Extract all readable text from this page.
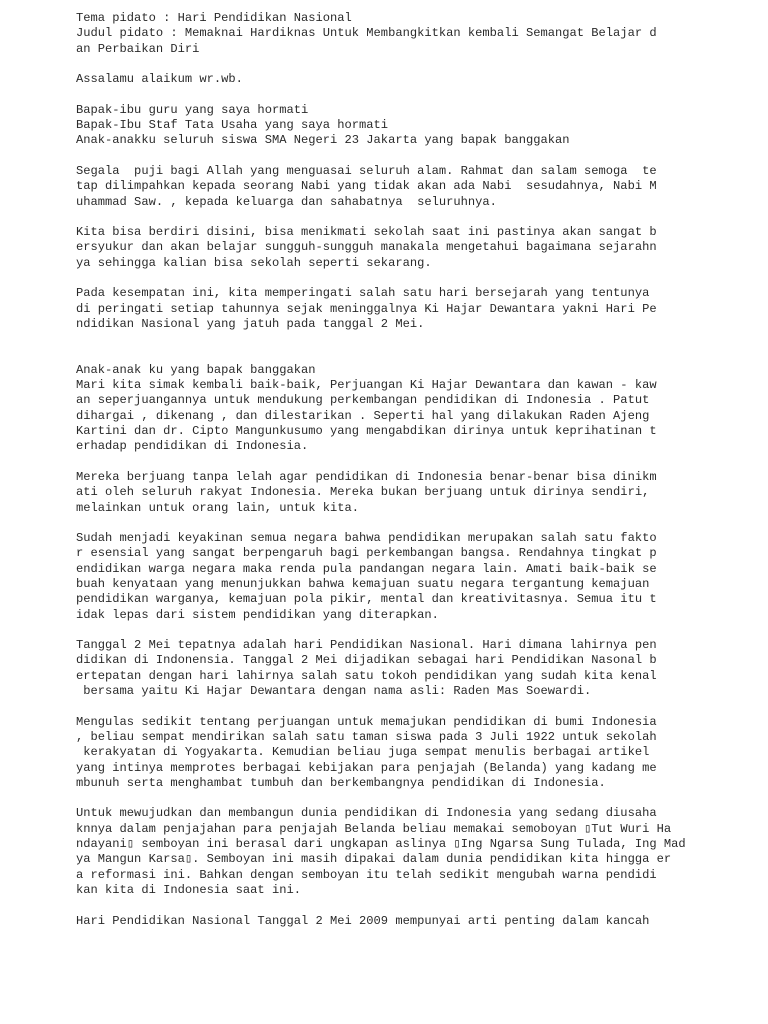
Tema pidato : Hari Pendidikan Nasional
Judul pidato : Memaknai Hardiknas Untuk Membangkitkan kembali Semangat Belajar d
an Perbaikan Diri
Assalamu alaikum wr.wb.
Bapak-ibu guru yang saya hormati
Bapak-Ibu Staf Tata Usaha yang saya hormati
Anak-anakku seluruh siswa SMA Negeri 23 Jakarta yang bapak banggakan
Segala  puji bagi Allah yang menguasai seluruh alam. Rahmat dan salam semoga  te
tap dilimpahkan kepada seorang Nabi yang tidak akan ada Nabi  sesudahnya, Nabi M
uhammad Saw. , kepada keluarga dan sahabatnya  seluruhnya.
Kita bisa berdiri disini, bisa menikmati sekolah saat ini pastinya akan sangat b
ersyukur dan akan belajar sungguh-sungguh manakala mengetahui bagaimana sejarahn
ya sehingga kalian bisa sekolah seperti sekarang.
Pada kesempatan ini, kita memperingati salah satu hari bersejarah yang tentunya
di peringati setiap tahunnya sejak meninggalnya Ki Hajar Dewantara yakni Hari Pe
ndidikan Nasional yang jatuh pada tanggal 2 Mei.
Anak-anak ku yang bapak banggakan
Mari kita simak kembali baik-baik, Perjuangan Ki Hajar Dewantara dan kawan - kaw
an seperjuangannya untuk mendukung perkembangan pendidikan di Indonesia . Patut
dihargai , dikenang , dan dilestarikan . Seperti hal yang dilakukan Raden Ajeng
Kartini dan dr. Cipto Mangunkusumo yang mengabdikan dirinya untuk keprihatinan t
erhadap pendidikan di Indonesia.
Mereka berjuang tanpa lelah agar pendidikan di Indonesia benar-benar bisa dinikm
ati oleh seluruh rakyat Indonesia. Mereka bukan berjuang untuk dirinya sendiri,
melainkan untuk orang lain, untuk kita.
Sudah menjadi keyakinan semua negara bahwa pendidikan merupakan salah satu fakto
r esensial yang sangat berpengaruh bagi perkembangan bangsa. Rendahnya tingkat p
endidikan warga negara maka renda pula pandangan negara lain. Amati baik-baik se
buah kenyataan yang menunjukkan bahwa kemajuan suatu negara tergantung kemajuan
pendidikan warganya, kemajuan pola pikir, mental dan kreativitasnya. Semua itu t
idak lepas dari sistem pendidikan yang diterapkan.
Tanggal 2 Mei tepatnya adalah hari Pendidikan Nasional. Hari dimana lahirnya pen
didikan di Indonensia. Tanggal 2 Mei dijadikan sebagai hari Pendidikan Nasonal b
ertepatan dengan hari lahirnya salah satu tokoh pendidikan yang sudah kita kenal
bersama yaitu Ki Hajar Dewantara dengan nama asli: Raden Mas Soewardi.
Mengulas sedikit tentang perjuangan untuk memajukan pendidikan di bumi Indonesia
, beliau sempat mendirikan salah satu taman siswa pada 3 Juli 1922 untuk sekolah
kerakyatan di Yogyakarta. Kemudian beliau juga sempat menulis berbagai artikel
yang intinya memprotes berbagai kebijakan para penjajah (Belanda) yang kadang me
mbunuh serta menghambat tumbuh dan berkembangnya pendidikan di Indonesia.
Untuk mewujudkan dan membangun dunia pendidikan di Indonesia yang sedang diusaha
knnya dalam penjajahan para penjajah Belanda beliau memakai semoboyan ▯Tut Wuri Ha
ndayani▯ semboyan ini berasal dari ungkapan aslinya ▯Ing Ngarsa Sung Tulada, Ing Mad
ya Mangun Karsa▯. Semboyan ini masih dipakai dalam dunia pendidikan kita hingga er
a reformasi ini. Bahkan dengan semboyan itu telah sedikit mengubah warna pendidi
kan kita di Indonesia saat ini.
Hari Pendidikan Nasional Tanggal 2 Mei 2009 mempunyai arti penting dalam kancah
